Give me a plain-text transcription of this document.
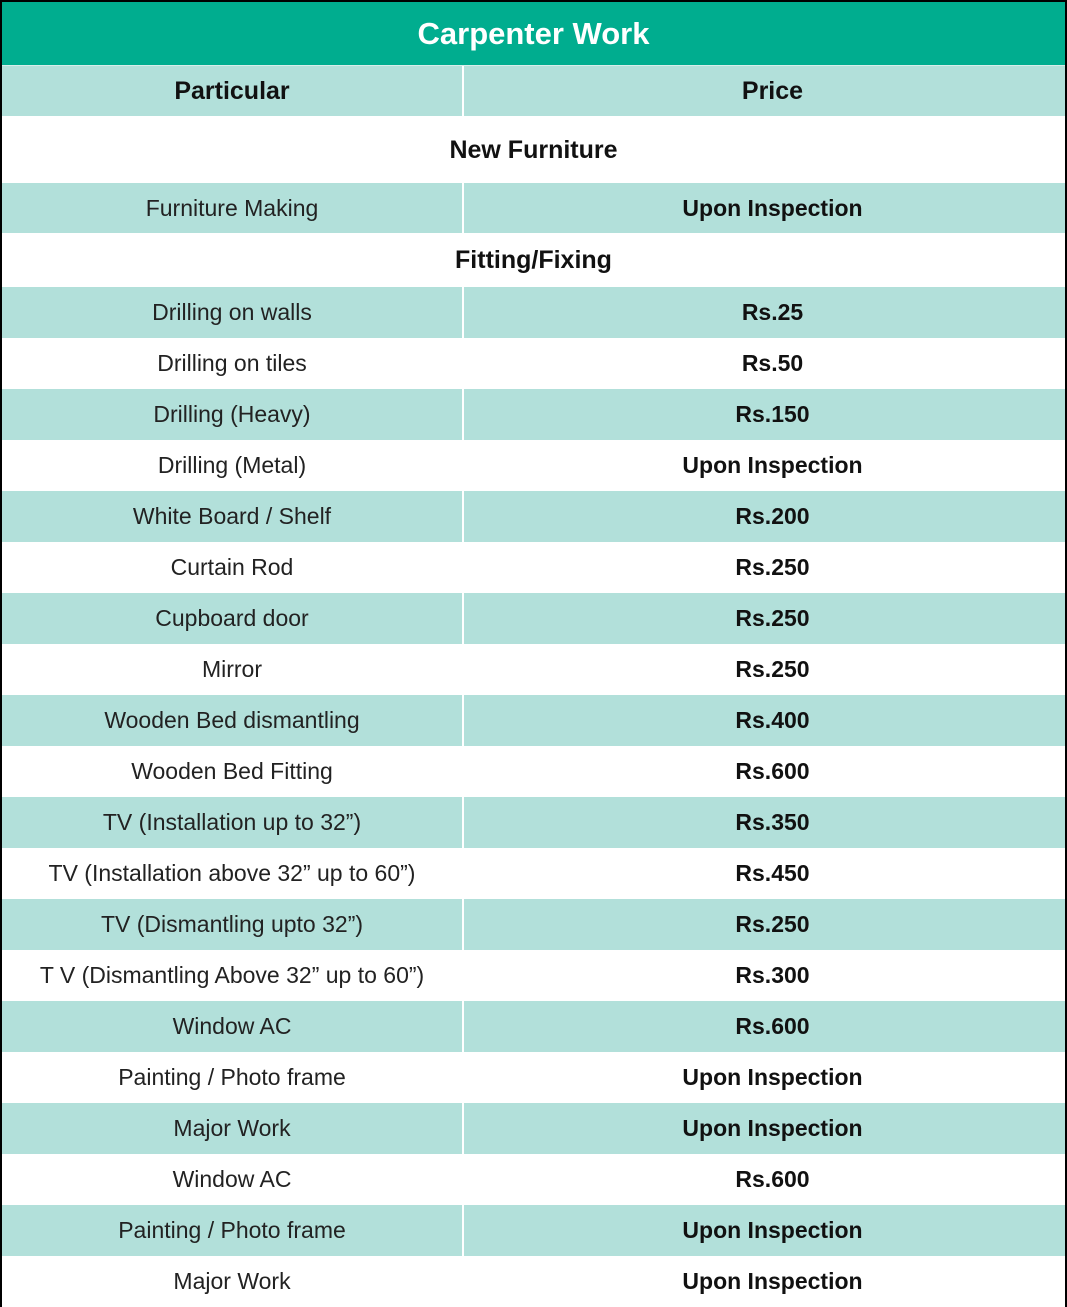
Carpenter Work
Particular	Price
New Furniture
Furniture Making	Upon Inspection
Fitting/Fixing
Drilling on walls	Rs.25
Drilling on tiles	Rs.50
Drilling (Heavy)	Rs.150
Drilling (Metal)	Upon Inspection
White Board / Shelf	Rs.200
Curtain Rod	Rs.250
Cupboard door	Rs.250
Mirror	Rs.250
Wooden Bed dismantling	Rs.400
Wooden Bed Fitting	Rs.600
TV (Installation up to 32”)	Rs.350
TV (Installation above 32” up to 60”)	Rs.450
TV (Dismantling upto 32”)	Rs.250
T V (Dismantling Above 32” up to 60”)	Rs.300
Window AC	Rs.600
Painting / Photo frame	Upon Inspection
Major Work	Upon Inspection
Window AC	Rs.600
Painting / Photo frame	Upon Inspection
Major Work	Upon Inspection
